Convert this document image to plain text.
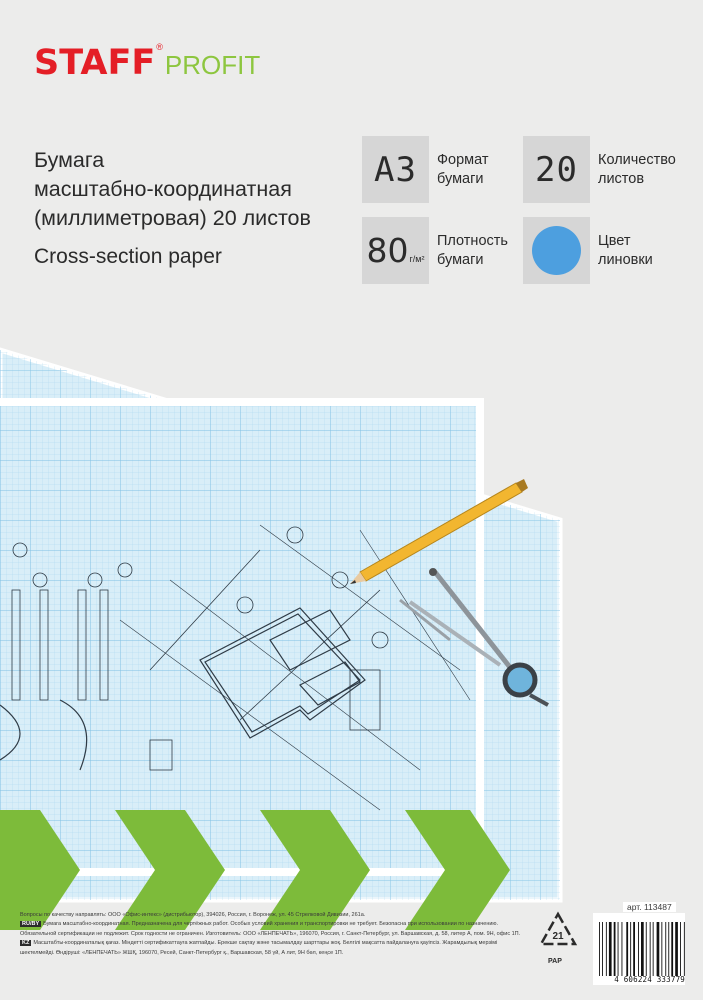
STAFF ®
PROFIT
Бумага
масштабно-координатная
(миллиметровая) 20 листов
Cross-section paper
А3 Формат
бумаги 20 Количество
листов
80 г/м²
Плотность
бумаги
Цвет
линовки
Вопросы по качеству направлять: ООО «Офис-интекс» (дистрибьютор), 394026, Россия, г. Воронеж, ул. 45 Стрелковой Дивизии, 261а.
RU/BY Бумага масштабно-координатная. Предназначена для чертёжных работ. Особых условий хранения и транспортировки не требует. Безопасна при использовании по назначению.
Обязательной сертификации не подлежит. Срок годности не ограничен. Изготовитель: ООО «ЛЕНПЕЧАТЬ», 196070, Россия, г. Санкт-Петербург, ул. Варшавская, д. 58, литер А, пом. 9Н, офис 1П.
KZ Масштабты-координаталық қағаз. Міндетті сертификаттауға жатпайды. Ерекше сақтау және тасымалдау шарттары жоқ. Белгілі мақсатта пайдалануға қауіпсіз. Жарамдылық мерзімі
шектелмейді. Өндіруші: «ЛЕНПЕЧАТЬ» ЖШҚ, 196070, Ресей, Санкт-Петербург қ., Варшавская, 58 үй, А лит, 9Н бөл, кеңсе 1П.
21
PAP
арт. 113487
4 606224 333779
